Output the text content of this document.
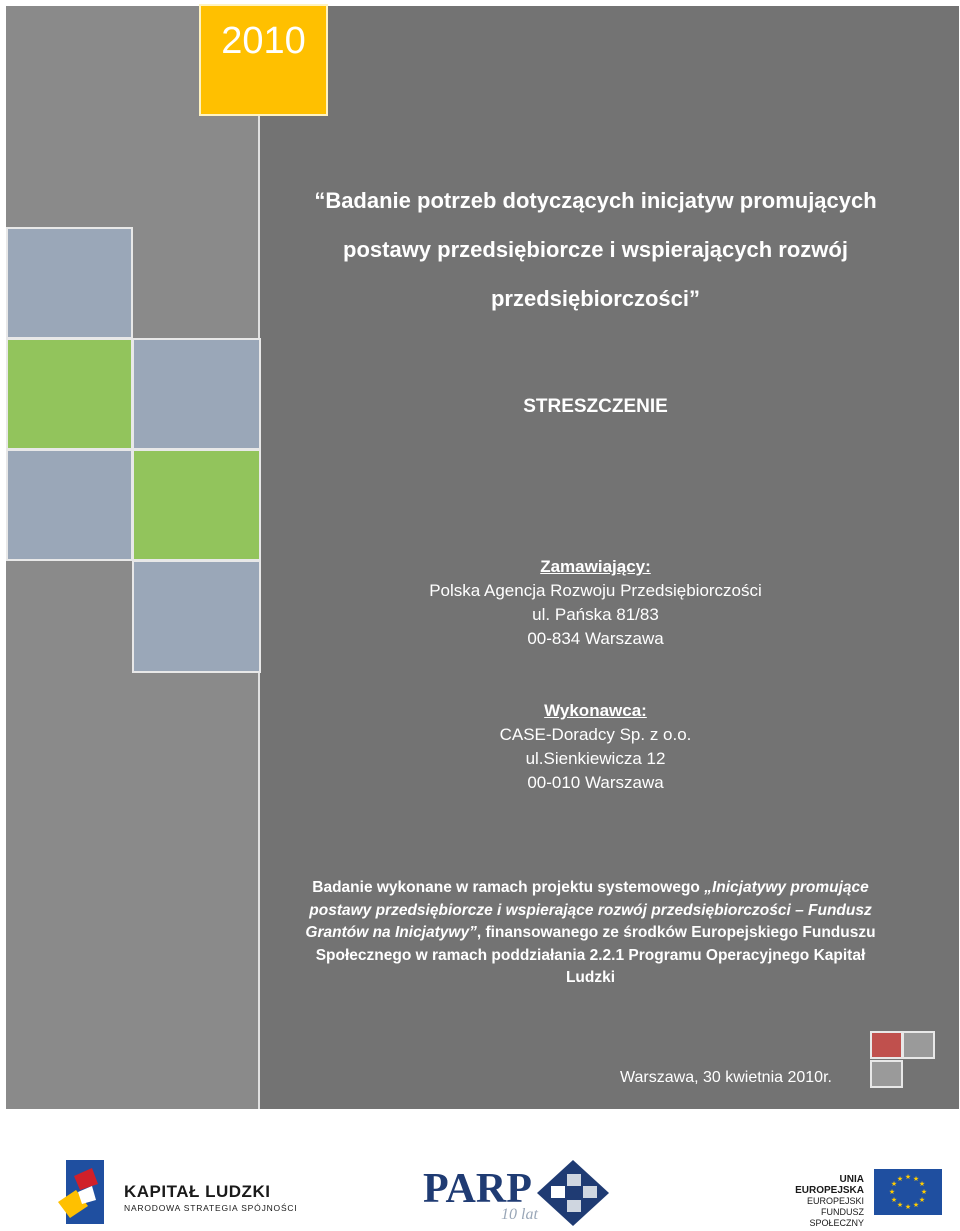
2010
“Badanie potrzeb dotyczących inicjatyw promujących
postawy przedsiębiorcze i wspierających rozwój
przedsiębiorczości”
STRESZCZENIE
Zamawiający:
Polska Agencja Rozwoju Przedsiębiorczości
ul. Pańska 81/83
00-834 Warszawa
Wykonawca:
CASE-Doradcy Sp. z o.o.
ul.Sienkiewicza 12
00-010 Warszawa
Badanie wykonane w ramach projektu systemowego „Inicjatywy promujące postawy przedsiębiorcze i wspierające rozwój przedsiębiorczości – Fundusz Grantów na Inicjatywy”, finansowanego ze środków Europejskiego Funduszu Społecznego w ramach poddziałania 2.2.1 Programu Operacyjnego Kapitał Ludzki
Warszawa, 30 kwietnia 2010r.
KAPITAŁ LUDZKI
NARODOWA STRATEGIA SPÓJNOŚCI	PARP
10 lat
UNIA EUROPEJSKA
EUROPEJSKI
FUNDUSZ SPOŁECZNY
★ ★
★
★
★
★
★
★
★
★
★
★
